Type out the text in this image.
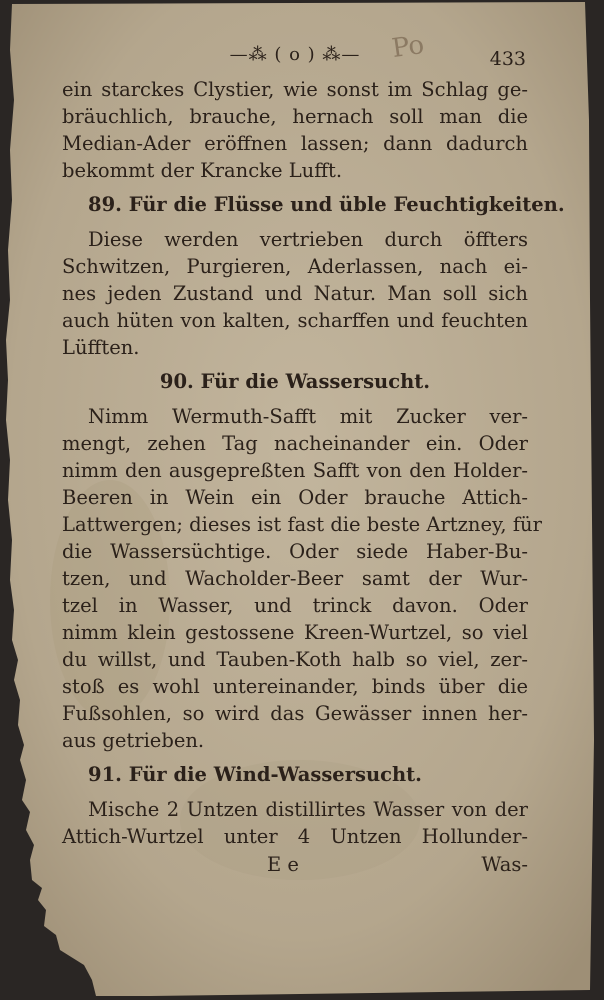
Po
—⁂ ( o ) ⁂—	433
ein starckes Clystier, wie sonst im Schlag ge-
bräuchlich, brauche, hernach soll man die
Median-Ader eröffnen lassen; dann dadurch
bekommt der Krancke Lufft.
89. Für die Flüsse und üble Feuchtigkeiten.
Diese werden vertrieben durch öffters
Schwitzen, Purgieren, Aderlassen, nach ei-
nes jeden Zustand und Natur. Man soll sich
auch hüten von kalten, scharffen und feuchten
Lüfften.
90. Für die Wassersucht.
Nimm Wermuth-Safft mit Zucker ver-
mengt, zehen Tag nacheinander ein. Oder
nimm den ausgepreßten Safft von den Holder-
Beeren in Wein ein Oder brauche Attich-
Lattwergen; dieses ist fast die beste Artzney, für
die Wassersüchtige. Oder siede Haber-Bu-
tzen, und Wacholder-Beer samt der Wur-
tzel in Wasser, und trinck davon. Oder
nimm klein gestossene Kreen-Wurtzel, so viel
du willst, und Tauben-Koth halb so viel, zer-
stoß es wohl untereinander, binds über die
Fußsohlen, so wird das Gewässer innen her-
aus getrieben.
91. Für die Wind-Wassersucht.
Mische 2 Untzen distillirtes Wasser von der
Attich-Wurtzel unter 4 Untzen Hollunder-
E e	Was-
